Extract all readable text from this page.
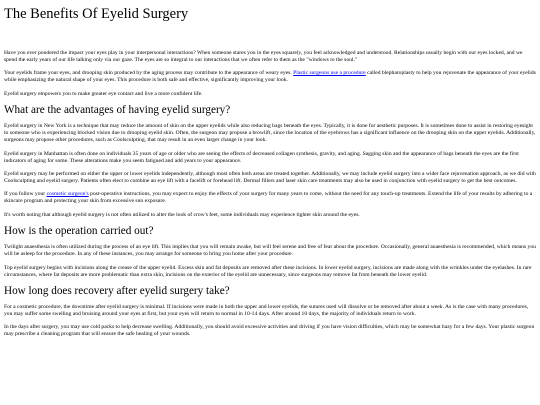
The Benefits Of Eyelid Surgery

Have you ever pondered the impact your eyes play in your interpersonal interactions? When someone stares you in the eyes squarely, you feel acknowledged and understood. Relationships usually begin with our eyes locked, and we spend the early years of our life talking only via our gaze. The eyes are so integral to our interactions that we often refer to them as the "windows to the soul."

Your eyelids frame your eyes, and drooping skin produced by the aging process may contribute to the appearance of weary eyes. Plastic surgeons use a procedure called blepharoplasty to help you rejuvenate the appearance of your eyelids while emphasizing the natural shape of your eyes. This procedure is both safe and effective, significantly improving your look.

Eyelid surgery empowers you to make greater eye contact and live a more confident life.

What are the advantages of having eyelid surgery?

Eyelid surgery in New York is a technique that may reduce the amount of skin on the upper eyelids while also reducing bags beneath the eyes. Typically, it is done for aesthetic purposes. It is sometimes done to assist in restoring eyesight to someone who is experiencing blocked vision due to drooping eyelid skin. Often, the surgeon may propose a browlift, since the location of the eyebrows has a significant influence on the drooping skin on the upper eyelids. Additionally, surgeons may propose other procedures, such as Coolsculpting, that may result in an even larger change in your look.

Eyelid surgery in Manhattan is often done on individuals 35 years of age or older who are seeing the effects of decreased collagen synthesis, gravity, and aging. Sagging skin and the appearance of bags beneath the eyes are the first indicators of aging for some. These alterations make you seem fatigued and add years to your appearance.

Eyelid surgery may be performed on either the upper or lower eyelids independently, although most often both areas are treated together. Additionally, we may include eyelid surgery into a wider face rejuvenation approach, as we did with Coolsculpting and eyelid surgery. Patients often elect to combine an eye lift with a facelift or forehead lift. Dermal fillers and laser skin care treatments may also be used in conjunction with eyelid surgery to get the best outcomes.

If you follow your cosmetic surgeon's post-operative instructions, you may expect to enjoy the effects of your surgery for many years to come, without the need for any touch-up treatments. Extend the life of your results by adhering to a skincare program and protecting your skin from excessive sun exposure.

It's worth noting that although eyelid surgery is not often utilized to alter the look of crow's feet, some individuals may experience tighter skin around the eyes.

How is the operation carried out?

Twilight anaesthesia is often utilized during the process of an eye lift. This implies that you will remain awake, but will feel serene and free of fear about the procedure. Occasionally, general anaesthesia is recommended, which means you will be asleep for the procedure. In any of these instances, you may arrange for someone to bring you home after your procedure.

Top eyelid surgery begins with incisions along the crease of the upper eyelid. Excess skin and fat deposits are removed after these incisions. In lower eyelid surgery, incisions are made along with the wrinkles under the eyelashes. In rare circumstances, where fat deposits are more problematic than extra skin, incisions on the exterior of the eyelid are unnecessary, since surgeons may remove fat from beneath the lower eyelid.

How long does recovery after eyelid surgery take?

For a cosmetic procedure, the downtime after eyelid surgery is minimal. If incisions were made in both the upper and lower eyelids, the sutures used will dissolve or be removed after about a week. As is the case with many procedures, you may suffer some swelling and bruising around your eyes at first, but your eyes will return to normal in 10-14 days. After around 10 days, the majority of individuals return to work.

In the days after surgery, you may use cold packs to help decrease swelling. Additionally, you should avoid excessive activities and driving if you have vision difficulties, which may be somewhat hazy for a few days. Your plastic surgeon may prescribe a cleaning program that will ensure the safe healing of your wounds.
